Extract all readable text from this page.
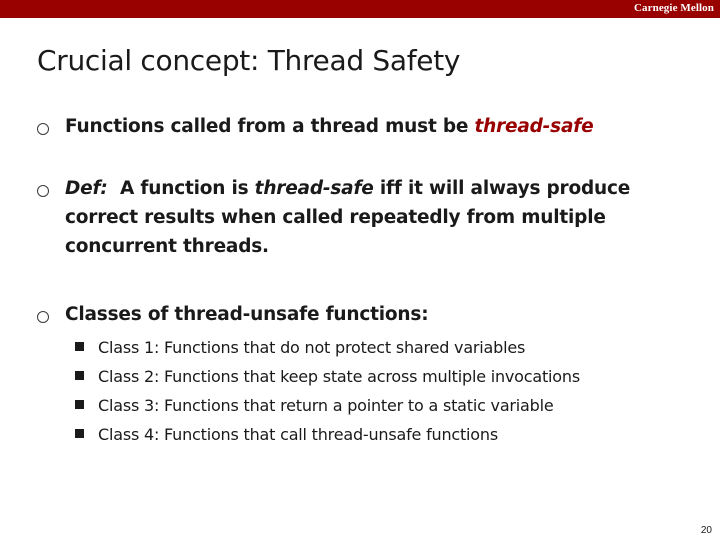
Carnegie Mellon
Crucial concept: Thread Safety
Functions called from a thread must be thread-safe
Def:  A function is thread-safe iff it will always produce correct results when called repeatedly from multiple concurrent threads.
Classes of thread-unsafe functions:
Class 1: Functions that do not protect shared variables
Class 2: Functions that keep state across multiple invocations
Class 3: Functions that return a pointer to a static variable
Class 4: Functions that call thread-unsafe functions
20
